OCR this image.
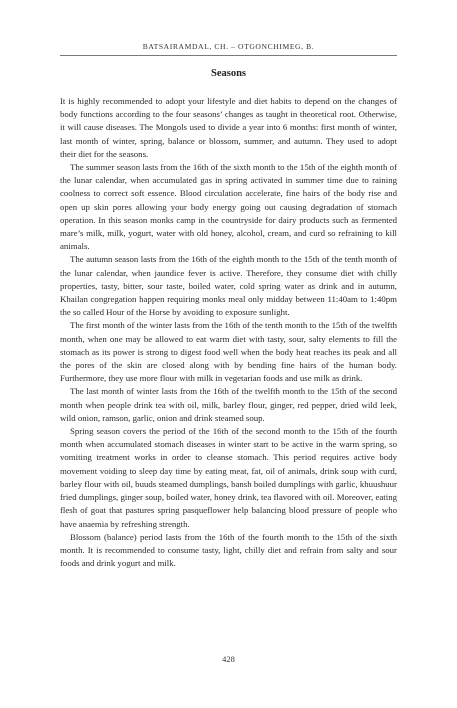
BATSAIRAMDAL, CH. – OTGONCHIMEG, B.
Seasons

It is highly recommended to adopt your lifestyle and diet habits to depend on the changes of body functions according to the four seasons’ changes as taught in theoretical root. Otherwise, it will cause diseases. The Mongols used to divide a year into 6 months: first month of winter, last month of winter, spring, balance or blossom, summer, and autumn. They used to adopt their diet for the seasons.

The summer season lasts from the 16th of the sixth month to the 15th of the eighth month of the lunar calendar, when accumulated gas in spring activated in summer time due to raining coolness to correct soft essence. Blood circulation accelerate, fine hairs of the body rise and open up skin pores allowing your body energy going out causing degradation of stomach operation. In this season monks camp in the countryside for dairy products such as fermented mare’s milk, milk, yogurt, water with old honey, alcohol, cream, and curd so refraining to kill animals.

The autumn season lasts from the 16th of the eighth month to the 15th of the tenth month of the lunar calendar, when jaundice fever is active. Therefore, they consume diet with chilly properties, tasty, bitter, sour taste, boiled water, cold spring water as drink and in autumn, Khailan congregation happen requiring monks meal only midday between 11:40am to 1:40pm the so called Hour of the Horse by avoiding to exposure sunlight.

The first month of the winter lasts from the 16th of the tenth month to the 15th of the twelfth month, when one may be allowed to eat warm diet with tasty, sour, salty elements to fill the stomach as its power is strong to digest food well when the body heat reaches its peak and all the pores of the skin are closed along with by bending fine hairs of the human body. Furthermore, they use more flour with milk in vegetarian foods and use milk as drink.

The last month of winter lasts from the 16th of the twelfth month to the 15th of the second month when people drink tea with oil, milk, barley flour, ginger, red pepper, dried wild leek, wild onion, ramson, garlic, onion and drink steamed soup.

Spring season covers the period of the 16th of the second month to the 15th of the fourth month when accumulated stomach diseases in winter start to be active in the warm spring, so vomiting treatment works in order to cleanse stomach. This period requires active body movement voiding to sleep day time by eating meat, fat, oil of animals, drink soup with curd, barley flour with oil, buuds steamed dumplings, bansh boiled dumplings with garlic, khuushuur fried dumplings, ginger soup, boiled water, honey drink, tea flavored with oil. Moreover, eating flesh of goat that pastures spring pasqueflower help balancing blood pressure of people who have anaemia by refreshing strength.

Blossom (balance) period lasts from the 16th of the fourth month to the 15th of the sixth month. It is recommended to consume tasty, light, chilly diet and refrain from salty and sour foods and drink yogurt and milk.

428
